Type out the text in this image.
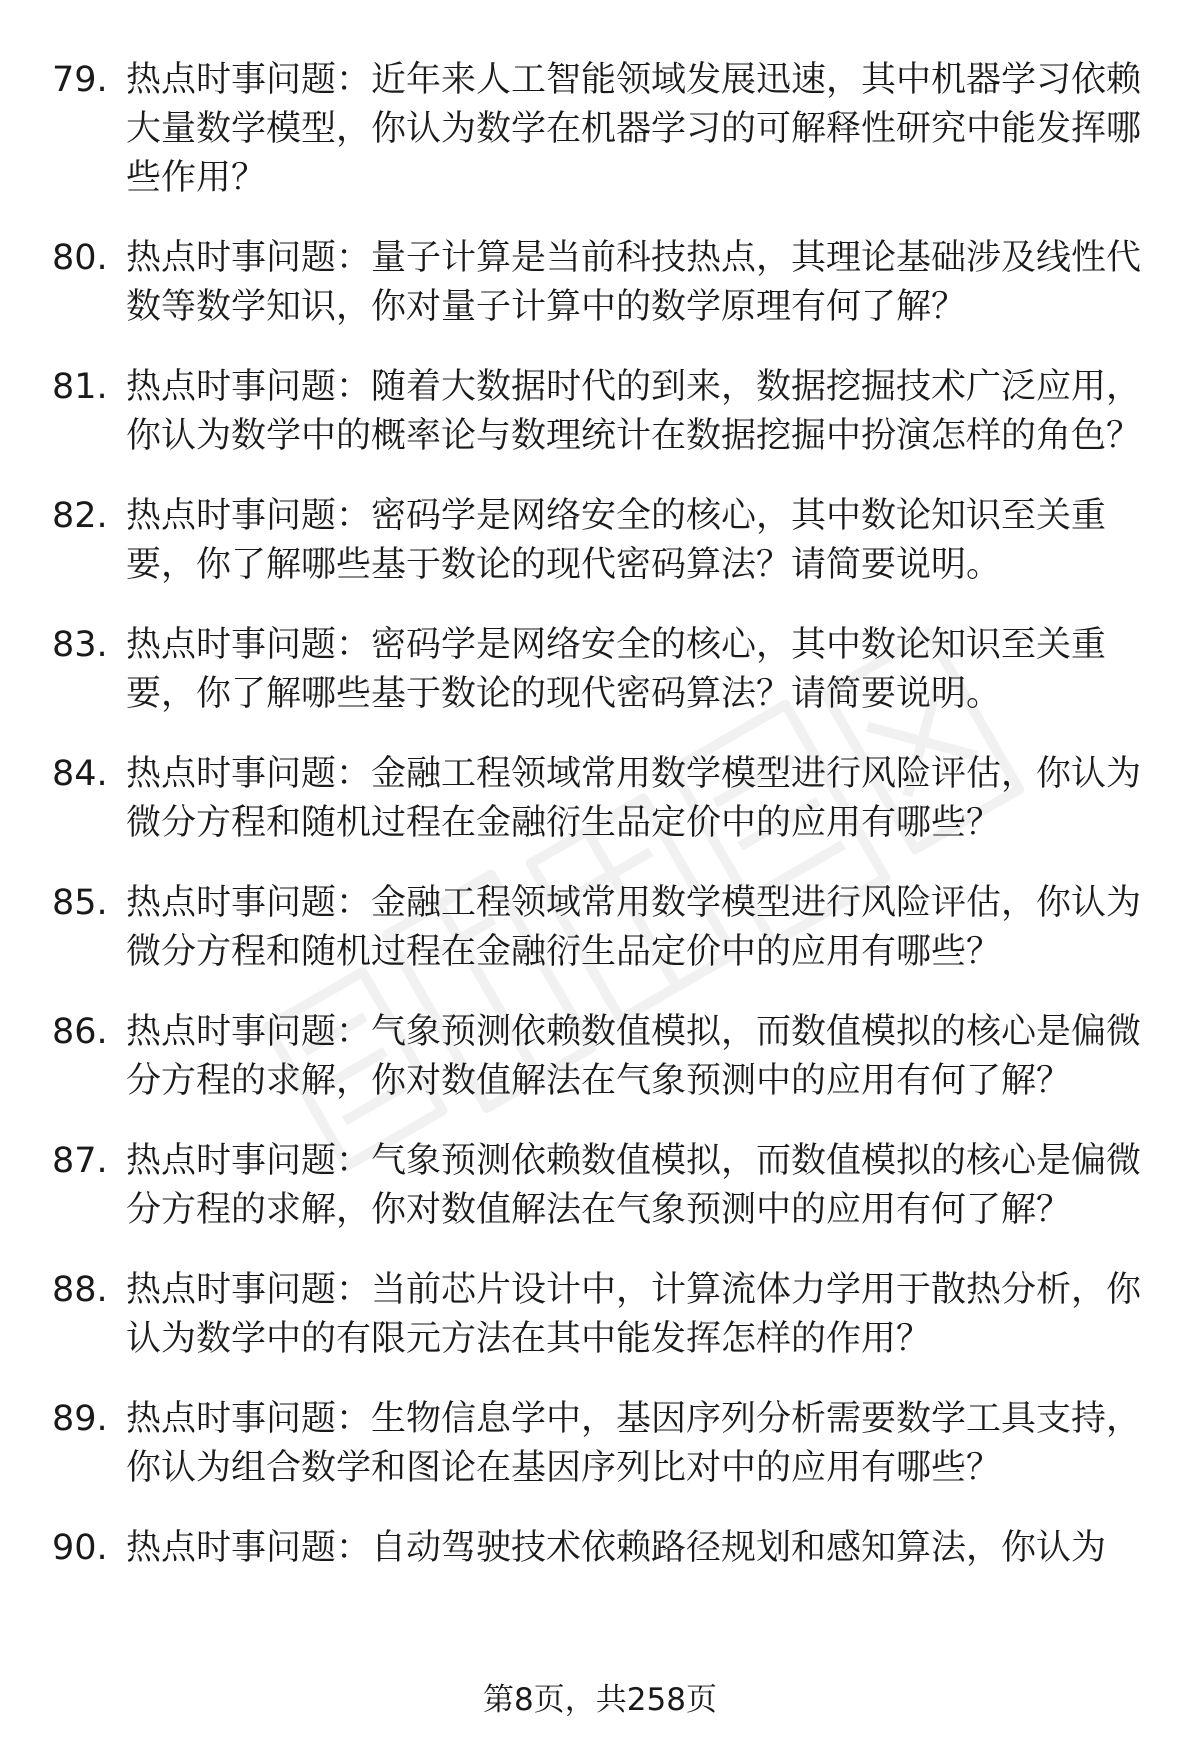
79. 热点时事问题：近年来人工智能领域发展迅速，其中机器学习依赖大量数学模型，你认为数学在机器学习的可解释性研究中能发挥哪些作用？
80. 热点时事问题：量子计算是当前科技热点，其理论基础涉及线性代数等数学知识，你对量子计算中的数学原理有何了解？
81. 热点时事问题：随着大数据时代的到来，数据挖掘技术广泛应用，你认为数学中的概率论与数理统计在数据挖掘中扮演怎样的角色？
82. 热点时事问题：密码学是网络安全的核心，其中数论知识至关重要，你了解哪些基于数论的现代密码算法？请简要说明。
83. 热点时事问题：密码学是网络安全的核心，其中数论知识至关重要，你了解哪些基于数论的现代密码算法？请简要说明。
84. 热点时事问题：金融工程领域常用数学模型进行风险评估，你认为微分方程和随机过程在金融衍生品定价中的应用有哪些？
85. 热点时事问题：金融工程领域常用数学模型进行风险评估，你认为微分方程和随机过程在金融衍生品定价中的应用有哪些？
86. 热点时事问题：气象预测依赖数值模拟，而数值模拟的核心是偏微分方程的求解，你对数值解法在气象预测中的应用有何了解？
87. 热点时事问题：气象预测依赖数值模拟，而数值模拟的核心是偏微分方程的求解，你对数值解法在气象预测中的应用有何了解？
88. 热点时事问题：当前芯片设计中，计算流体力学用于散热分析，你认为数学中的有限元方法在其中能发挥怎样的作用？
89. 热点时事问题：生物信息学中，基因序列分析需要数学工具支持，你认为组合数学和图论在基因序列比对中的应用有哪些？
90. 热点时事问题：自动驾驶技术依赖路径规划和感知算法，你认为
第8页，共258页
